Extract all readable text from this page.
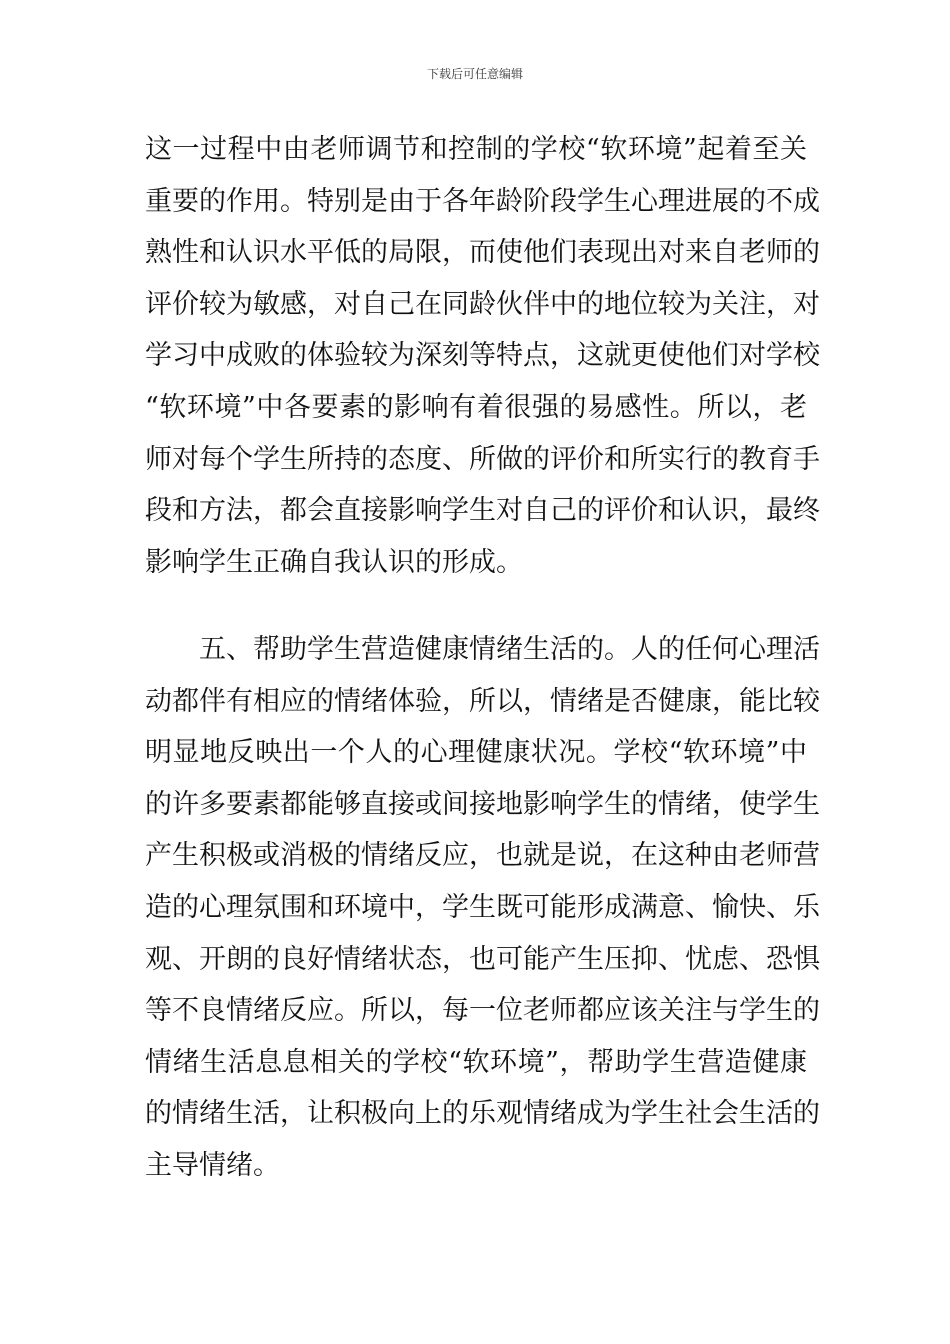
下载后可任意编辑
这一过程中由老师调节和控制的学校“软环境”起着至关
重要的作用。特别是由于各年龄阶段学生心理进展的不成
熟性和认识水平低的局限，而使他们表现出对来自老师的
评价较为敏感，对自己在同龄伙伴中的地位较为关注，对
学习中成败的体验较为深刻等特点，这就更使他们对学校
“软环境”中各要素的影响有着很强的易感性。所以，老
师对每个学生所持的态度、所做的评价和所实行的教育手
段和方法，都会直接影响学生对自己的评价和认识，最终
影响学生正确自我认识的形成。
五、帮助学生营造健康情绪生活的。人的任何心理活
动都伴有相应的情绪体验，所以，情绪是否健康，能比较
明显地反映出一个人的心理健康状况。学校“软环境”中
的许多要素都能够直接或间接地影响学生的情绪，使学生
产生积极或消极的情绪反应，也就是说，在这种由老师营
造的心理氛围和环境中，学生既可能形成满意、愉快、乐
观、开朗的良好情绪状态，也可能产生压抑、忧虑、恐惧
等不良情绪反应。所以，每一位老师都应该关注与学生的
情绪生活息息相关的学校“软环境”，帮助学生营造健康
的情绪生活，让积极向上的乐观情绪成为学生社会生活的
主导情绪。
